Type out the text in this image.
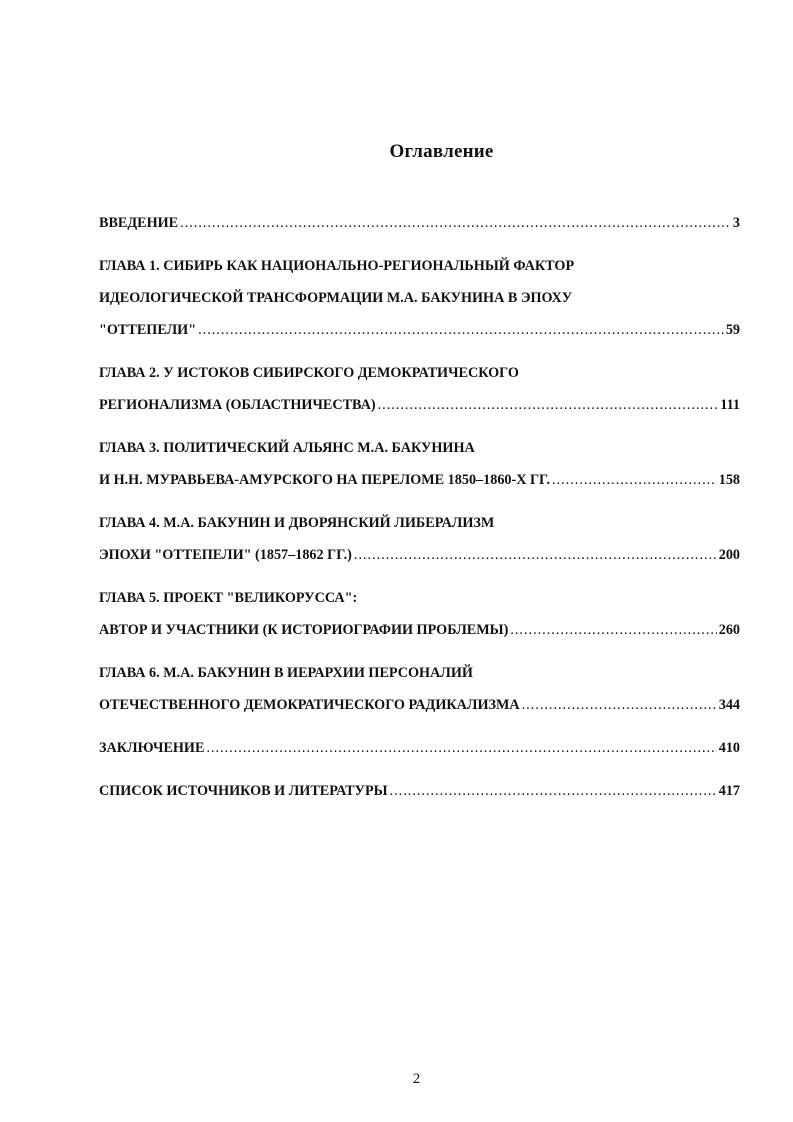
Оглавление
ВВЕДЕНИЕ .....	3
ГЛАВА 1. СИБИРЬ КАК НАЦИОНАЛЬНО-РЕГИОНАЛЬНЫЙ ФАКТОР
ИДЕОЛОГИЧЕСКОЙ ТРАНСФОРМАЦИИ М.А. БАКУНИНА В ЭПОХУ
"ОТТЕПЕЛИ" .....	59
ГЛАВА 2. У ИСТОКОВ СИБИРСКОГО ДЕМОКРАТИЧЕСКОГО
РЕГИОНАЛИЗМА (ОБЛАСТНИЧЕСТВА) .....	111
ГЛАВА 3. ПОЛИТИЧЕСКИЙ АЛЬЯНС М.А. БАКУНИНА
И Н.Н. МУРАВЬЕВА-АМУРСКОГО НА ПЕРЕЛОМЕ 1850–1860-Х ГГ. .....	158
ГЛАВА 4. М.А. БАКУНИН И ДВОРЯНСКИЙ ЛИБЕРАЛИЗМ
ЭПОХИ "ОТТЕПЕЛИ" (1857–1862 ГГ.) .....	200
ГЛАВА 5. ПРОЕКТ "ВЕЛИКОРУССА":
АВТОР И УЧАСТНИКИ (К ИСТОРИОГРАФИИ ПРОБЛЕМЫ) .....	260
ГЛАВА 6. М.А. БАКУНИН В ИЕРАРХИИ ПЕРСОНАЛИЙ
ОТЕЧЕСТВЕННОГО ДЕМОКРАТИЧЕСКОГО РАДИКАЛИЗМА .....	344
ЗАКЛЮЧЕНИЕ .....	410
СПИСОК ИСТОЧНИКОВ И ЛИТЕРАТУРЫ .....	417
2
